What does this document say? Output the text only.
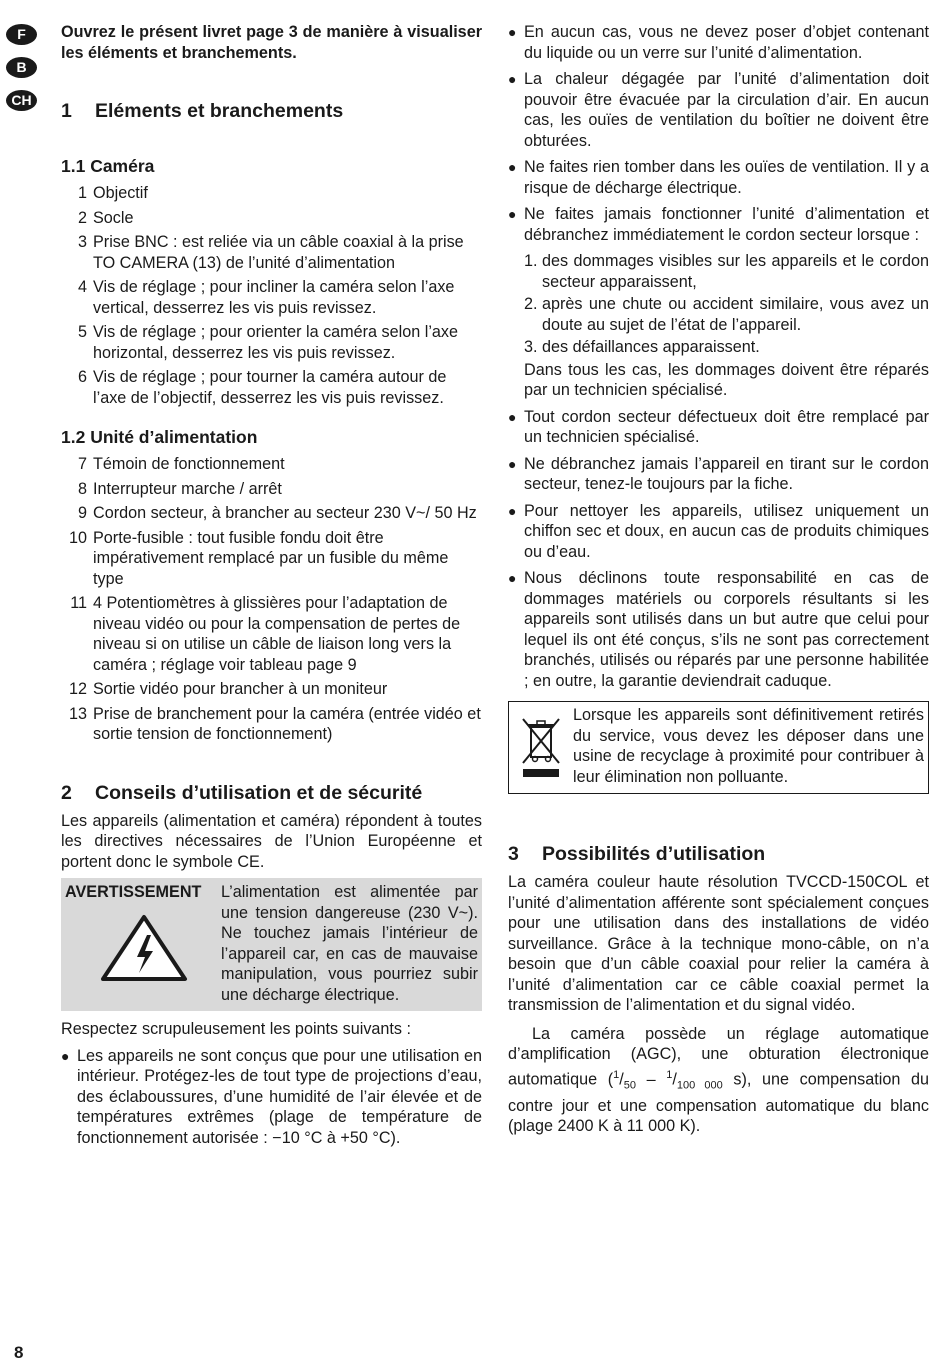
F
B
CH

Ouvrez le présent livret page 3 de manière à visualiser les éléments et branchements.

1 Eléments et branchements
1.1 Caméra
1 Objectif
2 Socle
3 Prise BNC : est reliée via un câble coaxial à la prise TO CAMERA (13) de l’unité d’alimentation
4 Vis de réglage ; pour incliner la caméra selon l’axe vertical, desserrez les vis puis revissez.
5 Vis de réglage ; pour orienter la caméra selon l’axe horizontal, desserrez les vis puis revissez.
6 Vis de réglage ; pour tourner la caméra autour de l’axe de l’objectif, desserrez les vis puis revissez.
1.2 Unité d’alimentation
7 Témoin de fonctionnement
8 Interrupteur marche / arrêt
9 Cordon secteur, à brancher au secteur 230 V~/ 50 Hz
10 Porte-fusible : tout fusible fondu doit être impérativement remplacé par un fusible du même type
11 4 Potentiomètres à glissières pour l’adaptation de niveau vidéo ou pour la compensation de pertes de niveau si on utilise un câble de liaison long vers la caméra ; réglage voir tableau page 9
12 Sortie vidéo pour brancher à un moniteur
13 Prise de branchement pour la caméra (entrée vidéo et sortie tension de fonctionnement)
2 Conseils d’utilisation et de sécurité

Les appareils (alimentation et caméra) répondent à toutes les directives nécessaires de l’Union Européenne et portent donc le symbole CE.

AVERTISSEMENT	L’alimentation est alimentée par une tension dangereuse (230 V~). Ne touchez jamais l’intérieur de l’appareil car, en cas de mauvaise manipulation, vous pourriez subir une décharge électrique.

Respectez scrupuleusement les points suivants :

● Les appareils ne sont conçus que pour une utilisation en intérieur. Protégez-les de tout type de projections d’eau, des éclaboussures, d’une humidité de l’air élevée et de températures extrêmes (plage de température de fonctionnement autorisée : −10 °C à +50 °C).
● En aucun cas, vous ne devez poser d’objet contenant du liquide ou un verre sur l’unité d’alimentation.
● La chaleur dégagée par l’unité d’alimentation doit pouvoir être évacuée par la circulation d’air. En aucun cas, les ouïes de ventilation du boîtier ne doivent être obturées.
● Ne faites rien tomber dans les ouïes de ventilation. Il y a risque de décharge électrique.
● Ne faites jamais fonctionner l’unité d’alimentation et débranchez immédiatement le cordon secteur lorsque :
1. des dommages visibles sur les appareils et le cordon secteur apparaissent,
2. après une chute ou accident similaire, vous avez un doute au sujet de l’état de l’appareil.
3. des défaillances apparaissent.

Dans tous les cas, les dommages doivent être réparés par un technicien spécialisé.

● Tout cordon secteur défectueux doit être remplacé par un technicien spécialisé.
● Ne débranchez jamais l’appareil en tirant sur le cordon secteur, tenez-le toujours par la fiche.
● Pour nettoyer les appareils, utilisez uniquement un chiffon sec et doux, en aucun cas de produits chimiques ou d’eau.
● Nous déclinons toute responsabilité en cas de dommages matériels ou corporels résultants si les appareils sont utilisés dans un but autre que celui pour lequel ils ont été conçus, s’ils ne sont pas correctement branchés, utilisés ou réparés par une personne habilitée ; en outre, la garantie deviendrait caduque.
Lorsque les appareils sont définitivement retirés du service, vous devez les déposer dans une usine de recyclage à proximité pour contribuer à leur élimination non polluante.
3 Possibilités d’utilisation

La caméra couleur haute résolution TVCCD-150COL et l’unité d’alimentation afférente sont spécialement conçues pour une utilisation dans des installations de vidéo surveillance. Grâce à la technique mono-câble, on n’a besoin que d’un câble coaxial pour relier la caméra à l’unité d’alimentation car ce câble coaxial permet la transmission de l’alimentation et du signal vidéo.

La caméra possède un réglage automatique d’amplification (AGC), une obturation électronique automatique ($^1/_{50} - ^1/_{100 000}$ s), une compensation du contre jour et une compensation automatique du blanc (plage 2400 K à 11 000 K).

8
